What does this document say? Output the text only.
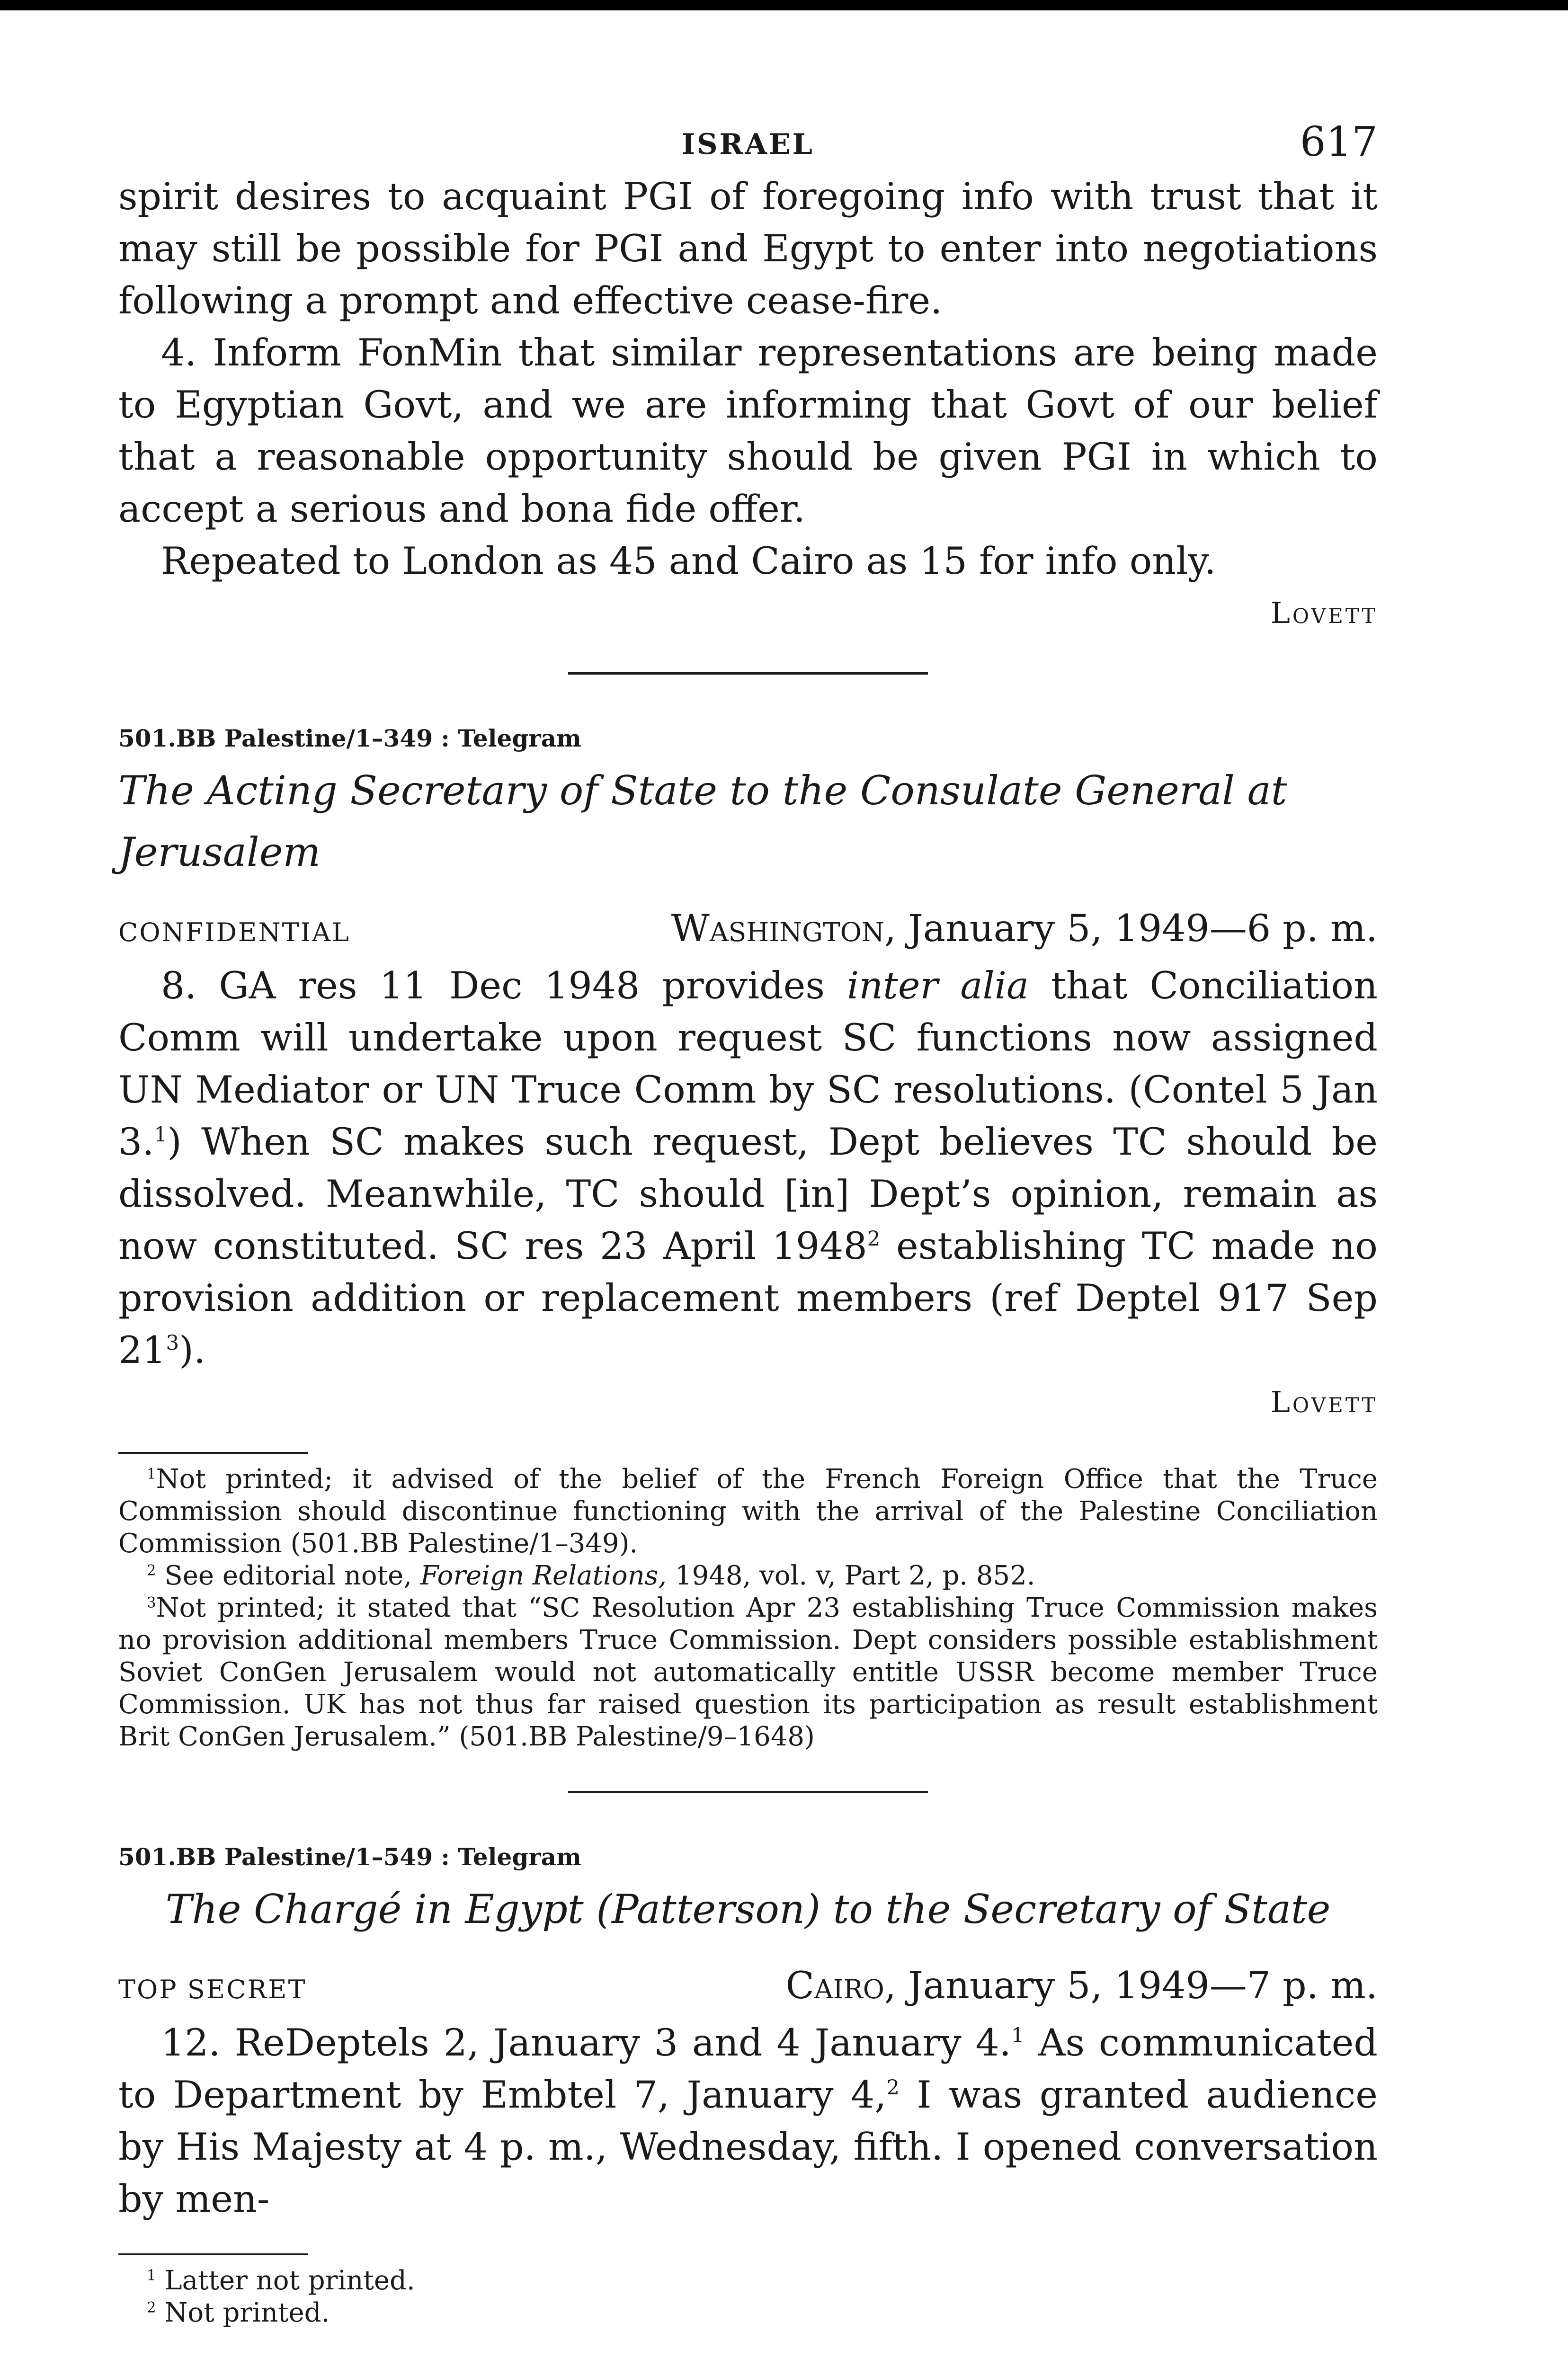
ISRAEL	617

spirit desires to acquaint PGI of foregoing info with trust that it may still be possible for PGI and Egypt to enter into negotiations following a prompt and effective cease-fire.

4. Inform FonMin that similar representations are being made to Egyptian Govt, and we are informing that Govt of our belief that a reasonable opportunity should be given PGI in which to accept a serious and bona fide offer.

Repeated to London as 45 and Cairo as 15 for info only.

Lovett
501.BB Palestine/1–349 : Telegram
The Acting Secretary of State to the Consulate General at Jerusalem
CONFIDENTIAL	Washington, January 5, 1949—6 p. m.

8. GA res 11 Dec 1948 provides inter alia that Conciliation Comm will undertake upon request SC functions now assigned UN Mediator or UN Truce Comm by SC resolutions. (Contel 5 Jan 3.$^1$) When SC makes such request, Dept believes TC should be dissolved. Meanwhile, TC should [in] Dept’s opinion, remain as now constituted. SC res 23 April 1948$^2$ establishing TC made no provision addition or replacement members (ref Deptel 917 Sep $21^3$).

Lovett

$^1$Not printed; it advised of the belief of the French Foreign Office that the Truce Commission should discontinue functioning with the arrival of the Palestine Conciliation Commission (501.BB Palestine/1–349).

$^2$ See editorial note, Foreign Relations, 1948, vol. v, Part 2, p. 852.

$^3$Not printed; it stated that “SC Resolution Apr 23 establishing Truce Commission makes no provision additional members Truce Commission. Dept considers possible establishment Soviet ConGen Jerusalem would not automatically entitle USSR become member Truce Commission. UK has not thus far raised question its participation as result establishment Brit ConGen Jerusalem.” (501.BB Palestine/9–1648)

501.BB Palestine/1–549 : Telegram
The Chargé in Egypt (Patterson) to the Secretary of State
TOP SECRET	Cairo, January 5, 1949—7 p. m.

12. ReDeptels 2, January 3 and 4 January 4.$^1$ As communicated to Department by Embtel 7, January 4,$^2$ I was granted audience by His Majesty at 4 p. m., Wednesday, fifth. I opened conversation by men-

$^1$ Latter not printed.

$^2$ Not printed.
